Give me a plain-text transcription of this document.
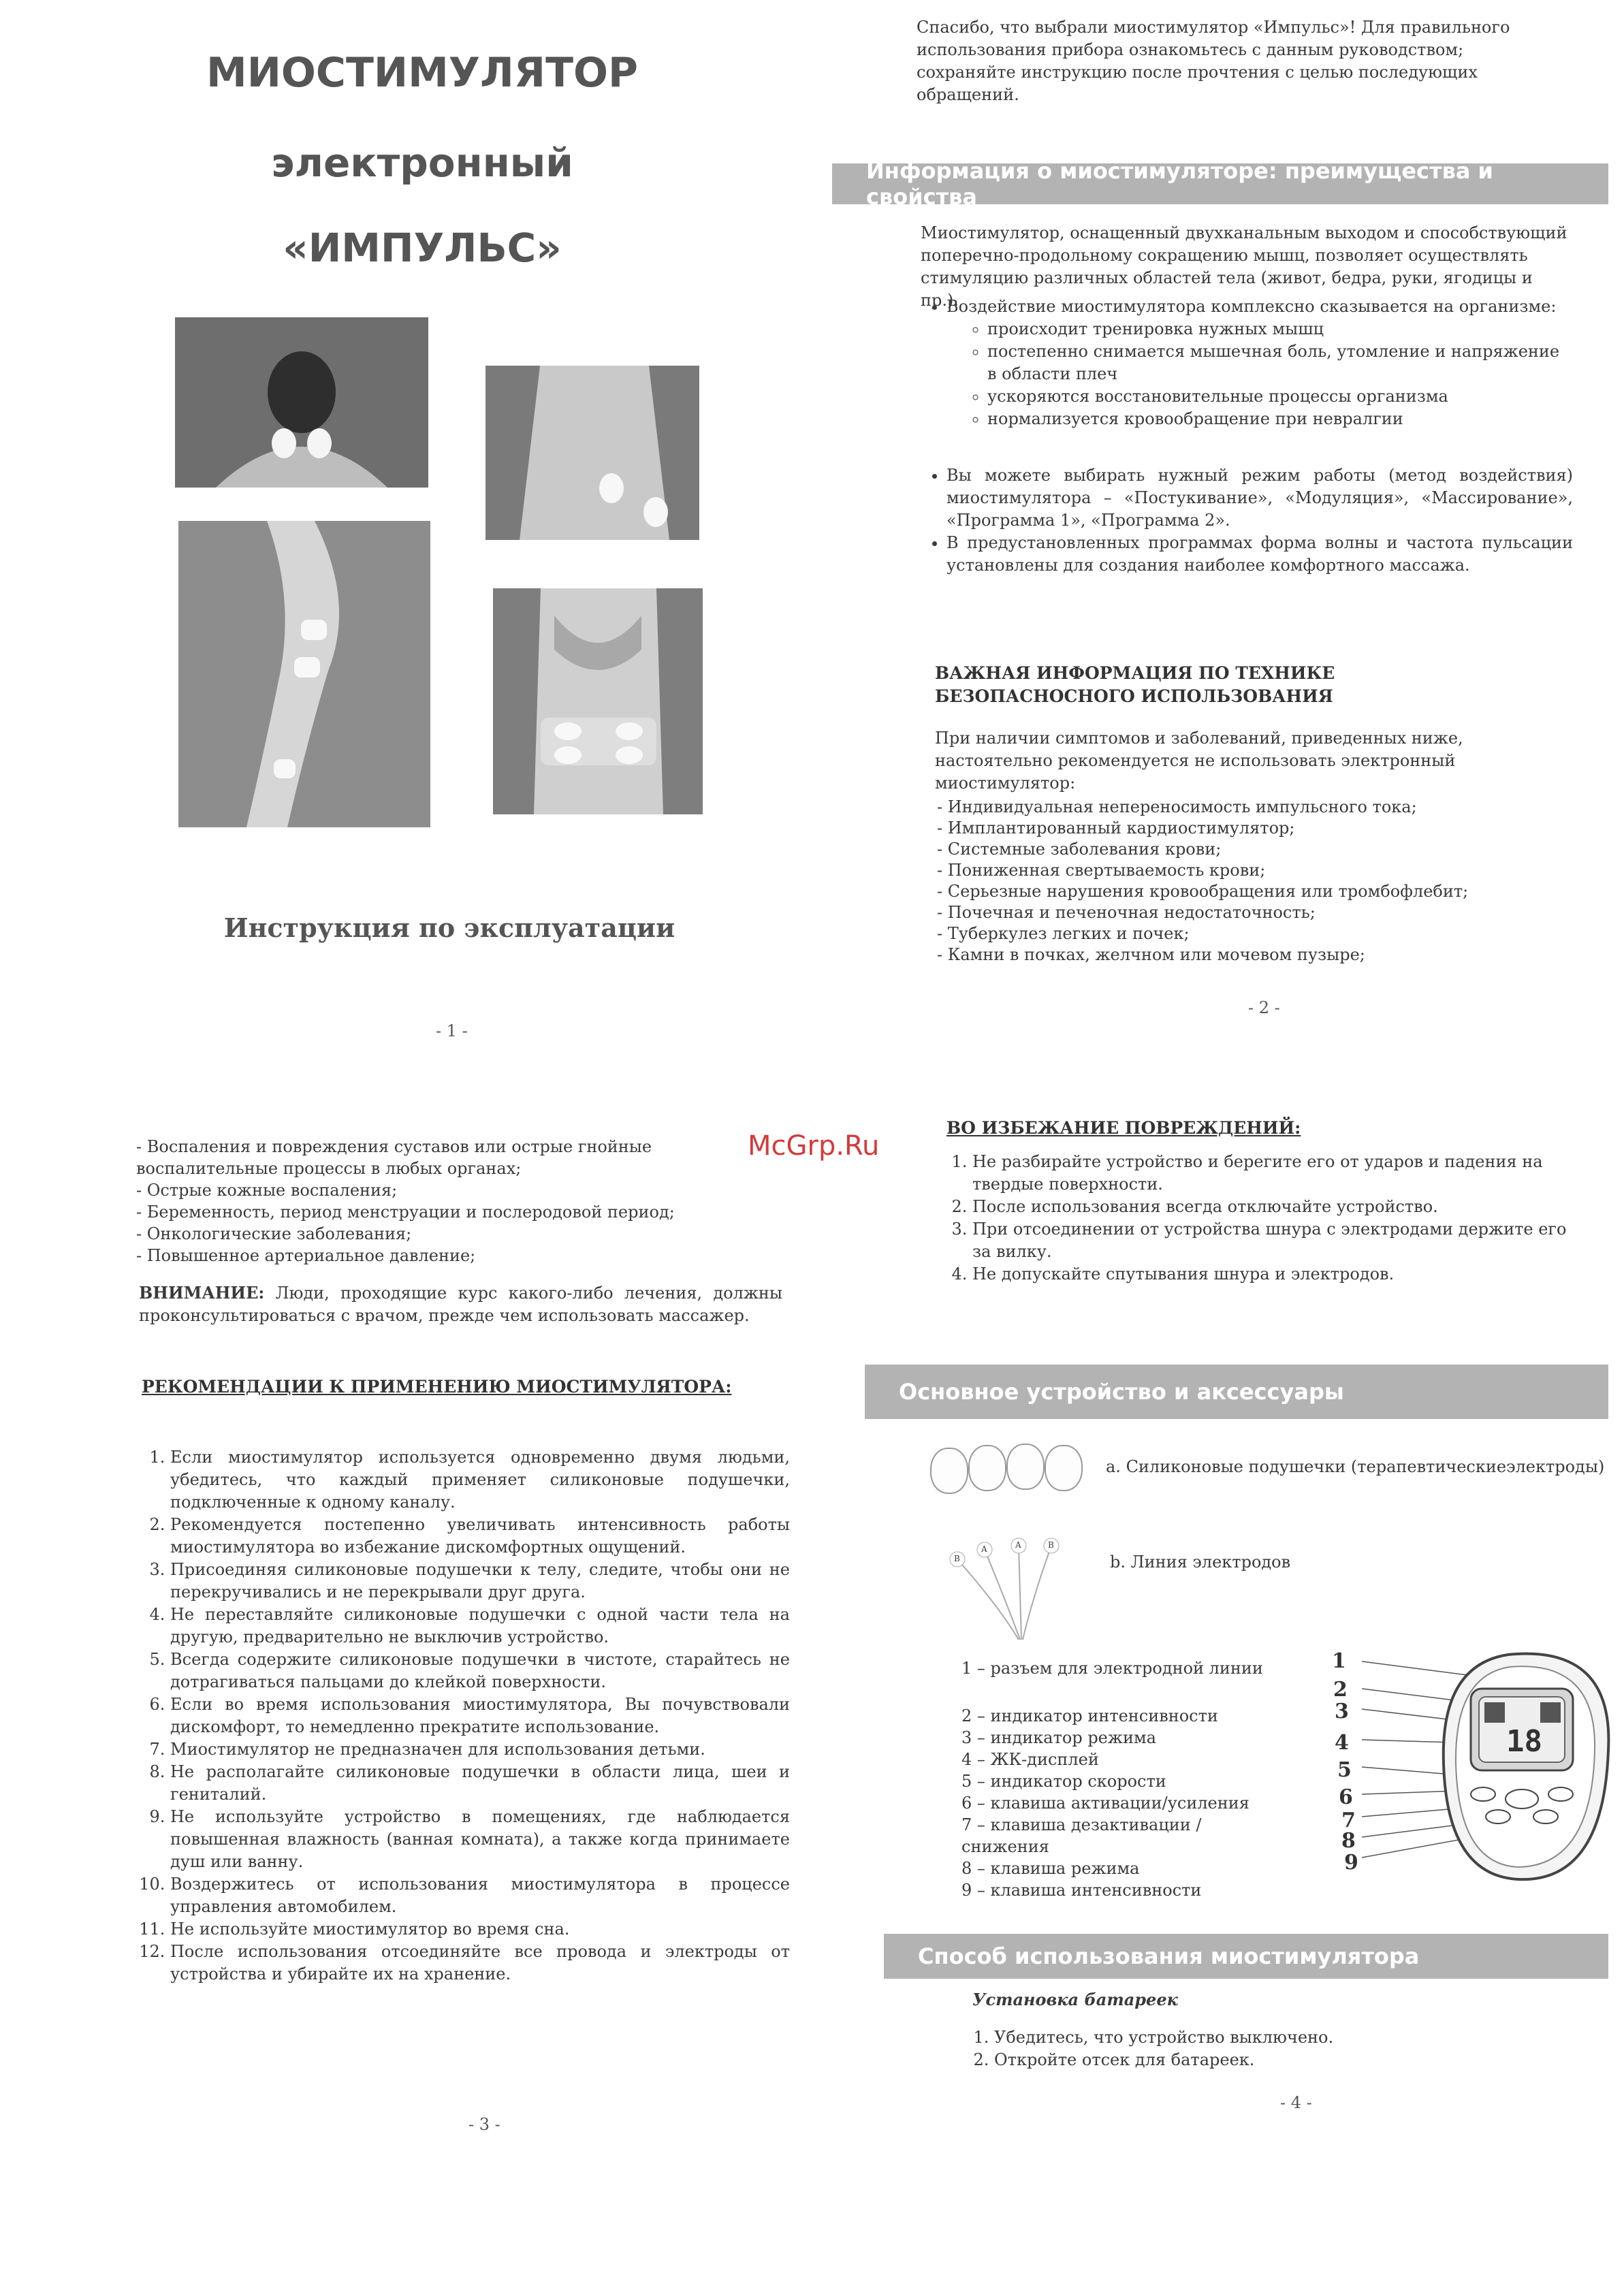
МИОСТИМУЛЯТОР
электронный
«ИМПУЛЬС»
Инструкция по эксплуатации
- 1 -
Спасибо, что выбрали миостимулятор «Импульс»! Для правильного использования прибора ознакомьтесь с данным руководством; сохраняйте инструкцию после прочтения с целью последующих обращений.
Информация о миостимуляторе: преимущества и свойства
Миостимулятор, оснащенный двухканальным выходом и способствующий поперечно-продольному сокращению мышц, позволяет осуществлять стимуляцию различных областей тела (живот, бедра, руки, ягодицы и пр.).
• Воздействие миостимулятора комплексно сказывается на организме:
◦ происходит тренировка нужных мышц
◦ постепенно снимается мышечная боль, утомление и напряжение в области плеч
◦ ускоряются восстановительные процессы организма
◦ нормализуется кровообращение при невралгии
• Вы можете выбирать нужный режим работы (метод воздействия) миостимулятора – «Постукивание», «Модуляция», «Массирование», «Программа 1», «Программа 2».
• В предустановленных программах форма волны и частота пульсации установлены для создания наиболее комфортного массажа.
ВАЖНАЯ ИНФОРМАЦИЯ ПО ТЕХНИКЕ БЕЗОПАСНОСНОГО ИСПОЛЬЗОВАНИЯ
При наличии симптомов и заболеваний, приведенных ниже, настоятельно рекомендуется не использовать электронный миостимулятор:
- Индивидуальная непереносимость импульсного тока;
- Имплантированный кардиостимулятор;
- Системные заболевания крови;
- Пониженная свертываемость крови;
- Серьезные нарушения кровообращения или тромбофлебит;
- Почечная и печеночная недостаточность;
- Туберкулез легких и почек;
- Камни в почках, желчном или мочевом пузыре;
- 2 -
McGrp.Ru
- Воспаления и повреждения суставов или острые гнойные воспалительные процессы в любых органах;
- Острые кожные воспаления;
- Беременность, период менструации и послеродовой период;
- Онкологические заболевания;
- Повышенное артериальное давление;
ВНИМАНИЕ: Люди, проходящие курс какого-либо лечения, должны проконсультироваться с врачом, прежде чем использовать массажер.
РЕКОМЕНДАЦИИ К ПРИМЕНЕНИЮ МИОСТИМУЛЯТОРА:
1. Если миостимулятор используется одновременно двумя людьми, убедитесь, что каждый применяет силиконовые подушечки, подключенные к одному каналу.
2. Рекомендуется постепенно увеличивать интенсивность работы миостимулятора во избежание дискомфортных ощущений.
3. Присоединяя силиконовые подушечки к телу, следите, чтобы они не перекручивались и не перекрывали друг друга.
4. Не переставляйте силиконовые подушечки с одной части тела на другую, предварительно не выключив устройство.
5. Всегда содержите силиконовые подушечки в чистоте, старайтесь не дотрагиваться пальцами до клейкой поверхности.
6. Если во время использования миостимулятора, Вы почувствовали дискомфорт, то немедленно прекратите использование.
7. Миостимулятор не предназначен для использования детьми.
8. Не располагайте силиконовые подушечки в области лица, шеи и гениталий.
9. Не используйте устройство в помещениях, где наблюдается повышенная влажность (ванная комната), а также когда принимаете душ или ванну.
10. Воздержитесь от использования миостимулятора в процессе управления автомобилем.
11. Не используйте миостимулятор во время сна.
12. После использования отсоединяйте все провода и электроды от устройства и убирайте их на хранение.
- 3 -
ВО ИЗБЕЖАНИЕ ПОВРЕЖДЕНИЙ:
1. Не разбирайте устройство и берегите его от ударов и падения на твердые поверхности.
2. После использования всегда отключайте устройство.
3. При отсоединении от устройства шнура с электродами держите его за вилку.
4. Не допускайте спутывания шнура и электродов.
Основное устройство и аксессуары
a. Силиконовые подушечки (терапевтическиеэлектроды)
B
A	A	B
b. Линия электродов
1 – разъем для электродной линии
2 – индикатор интенсивности
3 – индикатор режима
4 – ЖК-дисплей
5 – индикатор скорости
6 – клавиша активации/усиления
7 – клавиша дезактивации / снижения
8 – клавиша режима
9 – клавиша интенсивности
1
2
3
4
5
6
7
8
9
18
Способ использования миостимулятора
Установка батареек
1. Убедитесь, что устройство выключено.
2. Откройте отсек для батареек.
- 4 -
